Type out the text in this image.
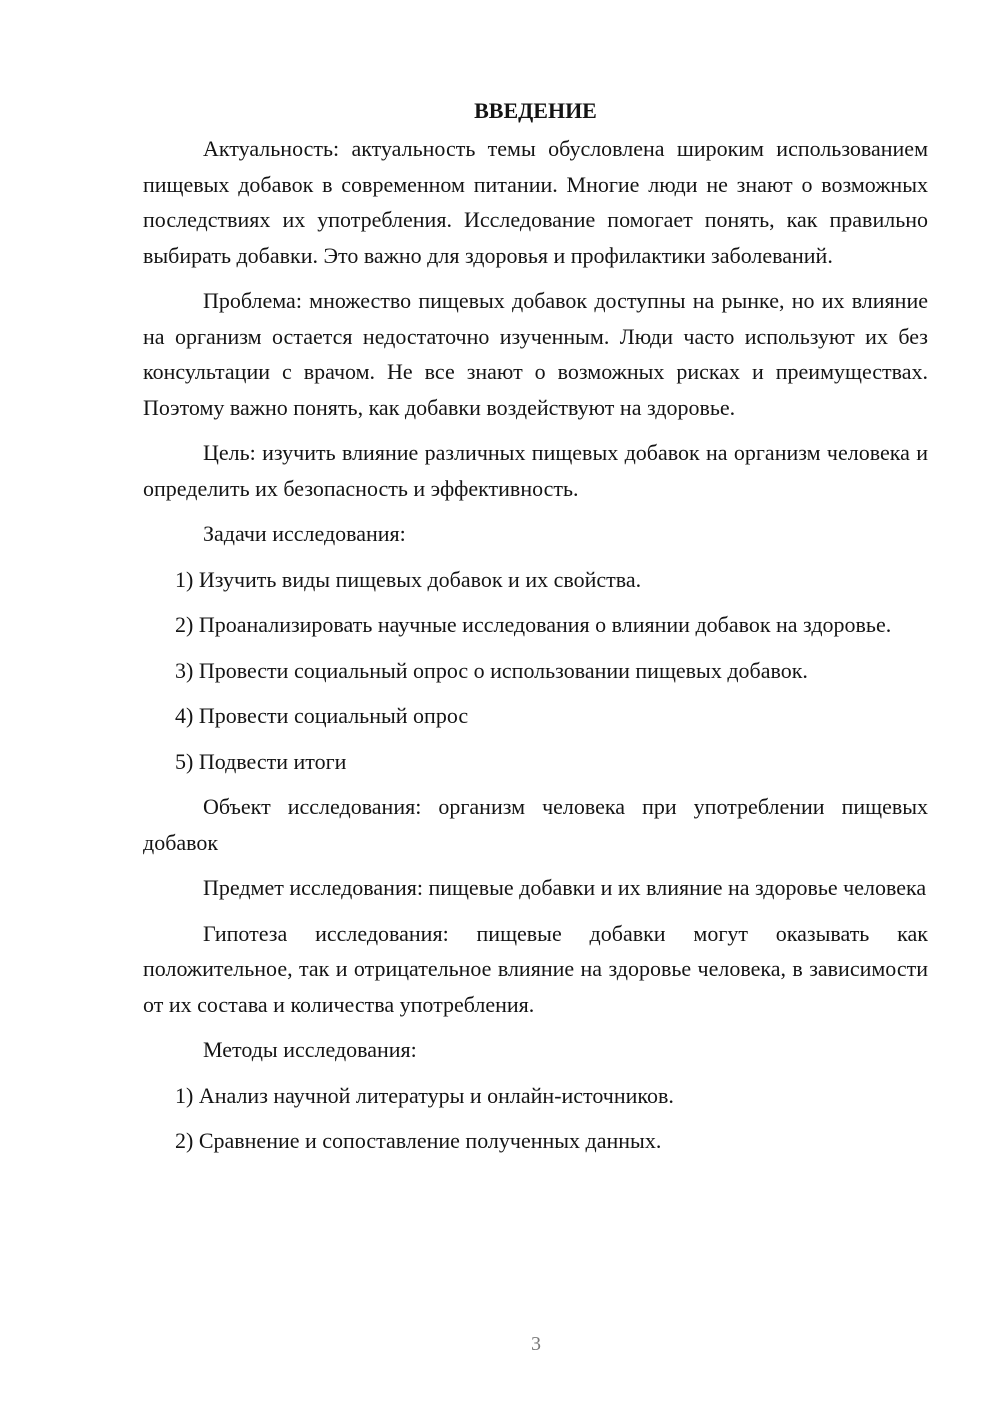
ВВЕДЕНИЕ

Актуальность: актуальность темы обусловлена широким использованием пищевых добавок в современном питании. Многие люди не знают о возможных последствиях их употребления. Исследование помогает понять, как правильно выбирать добавки. Это важно для здоровья и профилактики заболеваний.

Проблема: множество пищевых добавок доступны на рынке, но их влияние на организм остается недостаточно изученным. Люди часто используют их без консультации с врачом. Не все знают о возможных рисках и преимуществах. Поэтому важно понять, как добавки воздействуют на здоровье.

Цель: изучить влияние различных пищевых добавок на организм человека и определить их безопасность и эффективность.

Задачи исследования:

1) Изучить виды пищевых добавок и их свойства.

2) Проанализировать научные исследования о влиянии добавок на здоровье.

3) Провести социальный опрос о использовании пищевых добавок.

4) Провести социальный опрос

5) Подвести итоги

Объект исследования: организм человека при употреблении пищевых добавок

Предмет исследования: пищевые добавки и их влияние на здоровье человека

Гипотеза исследования: пищевые добавки могут оказывать как положительное, так и отрицательное влияние на здоровье человека, в зависимости от их состава и количества употребления.

Методы исследования:

1) Анализ научной литературы и онлайн-источников.

2) Сравнение и сопоставление полученных данных.

3
